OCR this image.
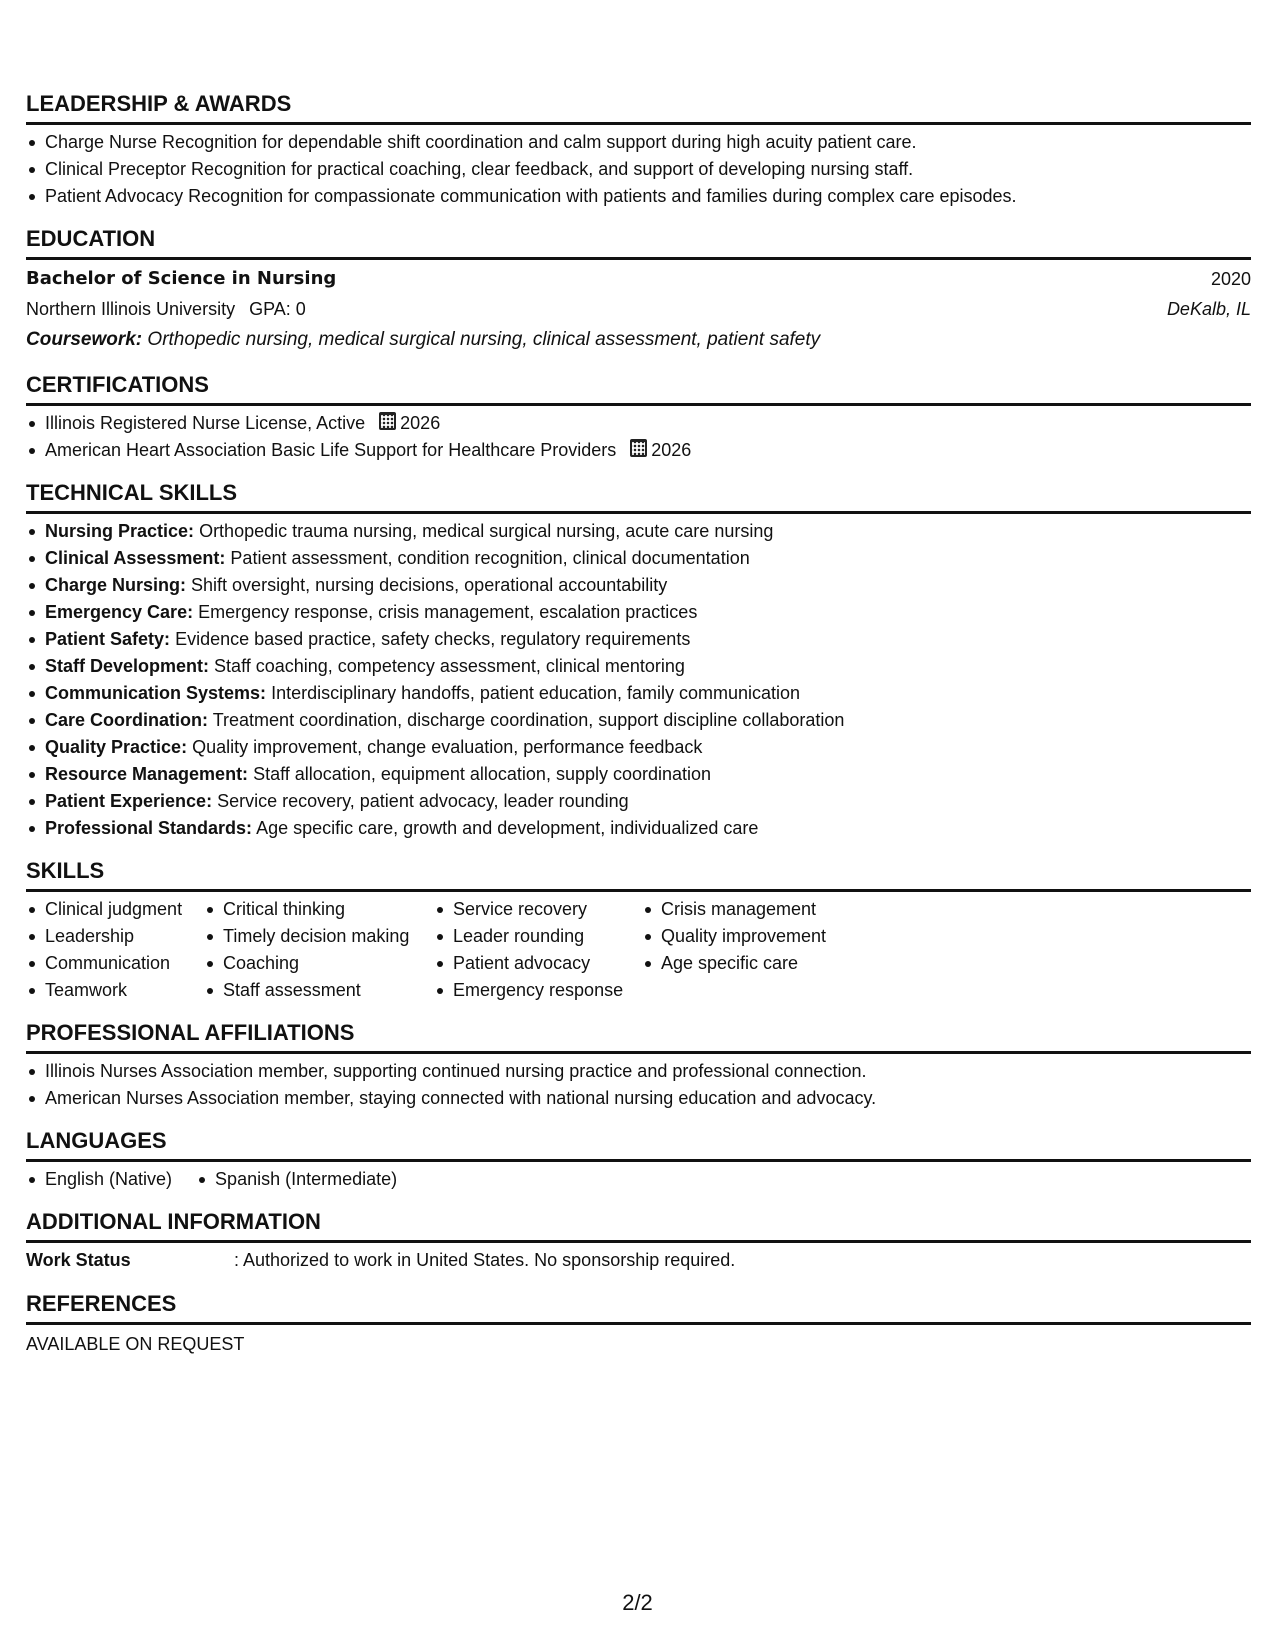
LEADERSHIP & AWARDS
Charge Nurse Recognition for dependable shift coordination and calm support during high acuity patient care.
Clinical Preceptor Recognition for practical coaching, clear feedback, and support of developing nursing staff.
Patient Advocacy Recognition for compassionate communication with patients and families during complex care episodes.
EDUCATION
Bachelor of Science in Nursing	2020
Northern Illinois University GPA: 0	DeKalb, IL
Coursework: Orthopedic nursing, medical surgical nursing, clinical assessment, patient safety
CERTIFICATIONS
Illinois Registered Nurse License, Active 2026
American Heart Association Basic Life Support for Healthcare Providers 2026
TECHNICAL SKILLS
Nursing Practice: Orthopedic trauma nursing, medical surgical nursing, acute care nursing
Clinical Assessment: Patient assessment, condition recognition, clinical documentation
Charge Nursing: Shift oversight, nursing decisions, operational accountability
Emergency Care: Emergency response, crisis management, escalation practices
Patient Safety: Evidence based practice, safety checks, regulatory requirements
Staff Development: Staff coaching, competency assessment, clinical mentoring
Communication Systems: Interdisciplinary handoffs, patient education, family communication
Care Coordination: Treatment coordination, discharge coordination, support discipline collaboration
Quality Practice: Quality improvement, change evaluation, performance feedback
Resource Management: Staff allocation, equipment allocation, supply coordination
Patient Experience: Service recovery, patient advocacy, leader rounding
Professional Standards: Age specific care, growth and development, individualized care
SKILLS
Clinical judgment
Leadership
Communication
Teamwork
Critical thinking
Timely decision making
Coaching
Staff assessment
Service recovery
Leader rounding
Patient advocacy
Emergency response
Crisis management
Quality improvement
Age specific care
PROFESSIONAL AFFILIATIONS
Illinois Nurses Association member, supporting continued nursing practice and professional connection.
American Nurses Association member, staying connected with national nursing education and advocacy.
LANGUAGES
English (Native)	Spanish (Intermediate)
ADDITIONAL INFORMATION
Work Status	: Authorized to work in United States. No sponsorship required.
REFERENCES
AVAILABLE ON REQUEST
2/2
